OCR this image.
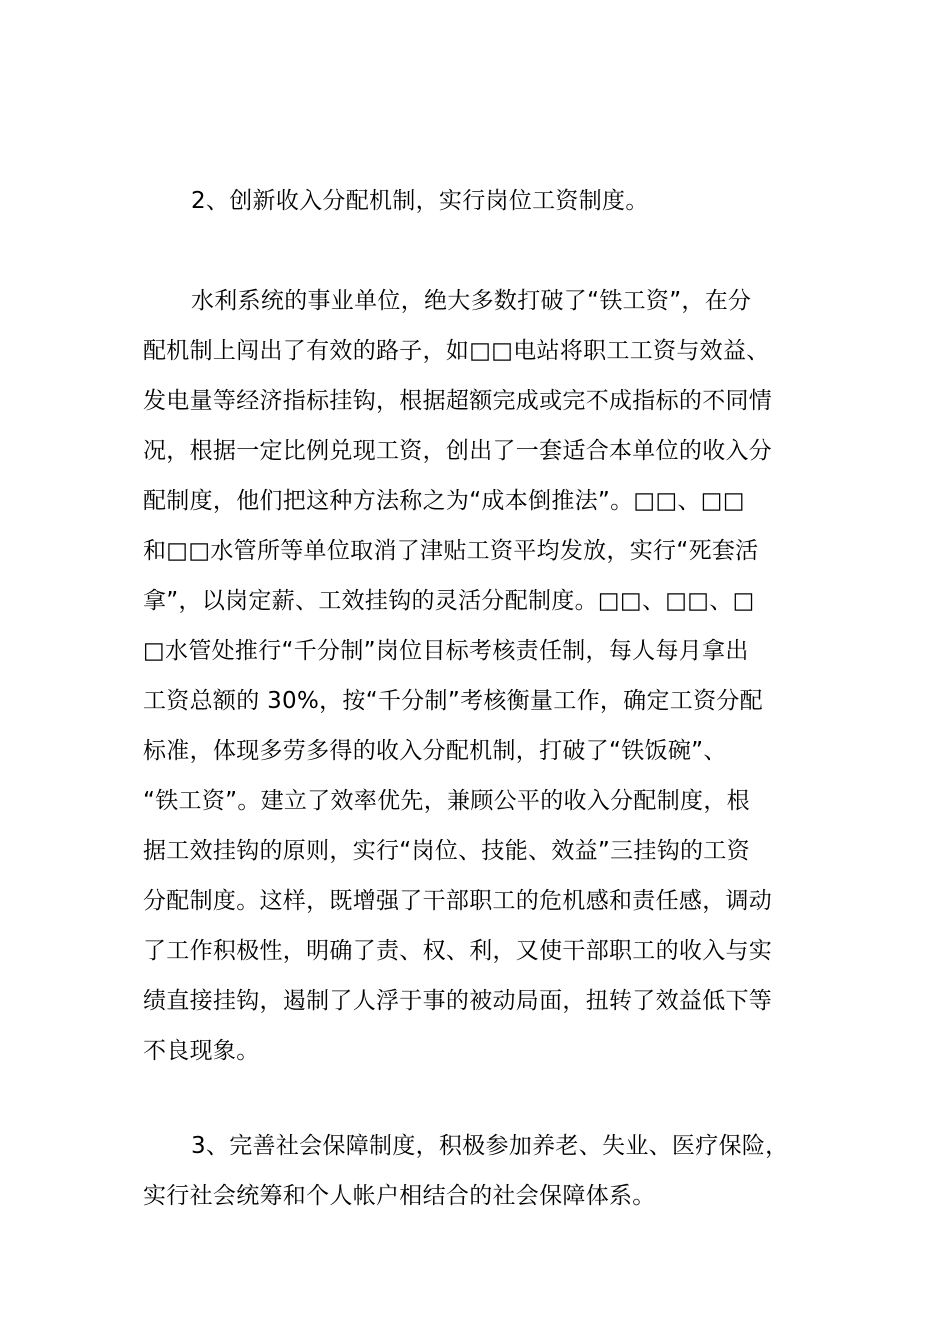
2、创新收入分配机制，实行岗位工资制度。
水利系统的事业单位，绝大多数打破了“铁工资”，在分
配机制上闯出了有效的路子，如□□电站将职工工资与效益、
发电量等经济指标挂钩，根据超额完成或完不成指标的不同情
况，根据一定比例兑现工资，创出了一套适合本单位的收入分
配制度，他们把这种方法称之为“成本倒推法”。□□、□□
和□□水管所等单位取消了津贴工资平均发放，实行“死套活
拿”，以岗定薪、工效挂钩的灵活分配制度。□□、□□、□
□水管处推行“千分制”岗位目标考核责任制，每人每月拿出
工资总额的 30%，按“千分制”考核衡量工作，确定工资分配
标准，体现多劳多得的收入分配机制，打破了“铁饭碗”、
“铁工资”。建立了效率优先，兼顾公平的收入分配制度，根
据工效挂钩的原则，实行“岗位、技能、效益”三挂钩的工资
分配制度。这样，既增强了干部职工的危机感和责任感，调动
了工作积极性，明确了责、权、利，又使干部职工的收入与实
绩直接挂钩，遏制了人浮于事的被动局面，扭转了效益低下等
不良现象。
3、完善社会保障制度，积极参加养老、失业、医疗保险，
实行社会统筹和个人帐户相结合的社会保障体系。
